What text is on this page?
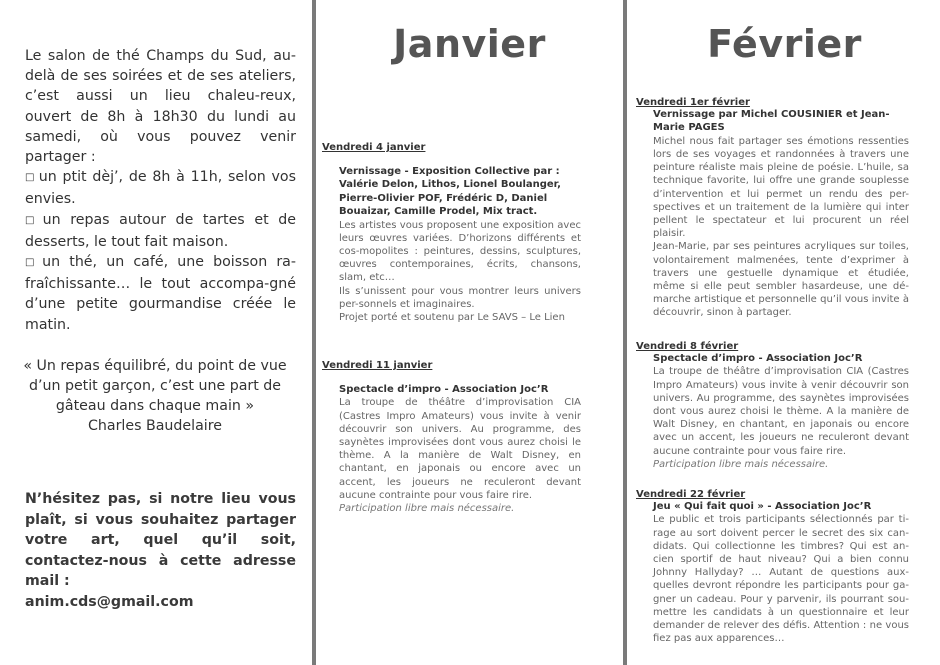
Le salon de thé Champs du Sud, au-delà de ses soirées et de ses ateliers, c’est aussi un lieu chaleu-reux, ouvert de 8h à 18h30 du lundi au samedi, où vous pouvez venir partager :

□ un ptit dèj’, de 8h à 11h, selon vos envies.

□ un repas autour de tartes et de desserts, le tout fait maison.

□ un thé, un café, une boisson ra-fraîchissante… le tout accompa-gné d’une petite gourmandise créée le matin.

« Un repas équilibré, du point de vue

d’un petit garçon, c’est une part de

gâteau dans chaque main »

Charles Baudelaire

N’hésitez pas, si notre lieu vous plaît, si vous souhaitez partager votre art, quel qu’il soit, contactez-nous à cette adresse mail :

anim.cds@gmail.com

Janvier

Vendredi 4 janvier

Vernissage - Exposition Collective par : Valérie Delon, Lithos, Lionel Boulanger, Pierre-Olivier POF, Frédéric D, Daniel Bouaizar, Camille Prodel, Mix tract.

Les artistes vous proposent une exposition avec leurs œuvres variées. D’horizons différents et cos-mopolites : peintures, dessins, sculptures, œuvres contemporaines, écrits, chansons, slam, etc…

Ils s’unissent pour vous montrer leurs univers per-sonnels et imaginaires.

Projet porté et soutenu par Le SAVS – Le Lien

Vendredi 11 janvier

Spectacle d’impro - Association Joc’R

La troupe de théâtre d’improvisation CIA (Castres Impro Amateurs) vous invite à venir découvrir son univers. Au programme, des saynètes improvisées dont vous aurez choisi le thème. A la manière de Walt Disney, en chantant, en japonais ou encore avec un accent, les joueurs ne reculeront devant aucune contrainte pour vous faire rire.

Participation libre mais nécessaire.

Février

Vendredi 1er février

Vernissage par Michel COUSINIER et Jean-Marie PAGES

Michel nous fait partager ses émotions ressenties lors de ses voyages et randonnées à travers une peinture réaliste mais pleine de poésie. L’huile, sa technique favorite, lui offre une grande souplesse d’intervention et lui permet un rendu des per-spectives et un traitement de la lumière qui inter pellent le spectateur et lui procurent un réel plaisir.

Jean-Marie, par ses peintures acryliques sur toiles, volontairement malmenées, tente d’exprimer à travers une gestuelle dynamique et étudiée, même si elle peut sembler hasardeuse, une dé-marche artistique et personnelle qu’il vous invite à découvrir, sinon à partager.

Vendredi 8 février

Spectacle d’impro - Association Joc’R

La troupe de théâtre d’improvisation CIA (Castres Impro Amateurs) vous invite à venir découvrir son univers. Au programme, des saynètes improvisées dont vous aurez choisi le thème. A la manière de Walt Disney, en chantant, en japonais ou encore avec un accent, les joueurs ne reculeront devant aucune contrainte pour vous faire rire.

Participation libre mais nécessaire.

Vendredi 22 février

Jeu « Qui fait quoi » - Association Joc’R

Le public et trois participants sélectionnés par ti-rage au sort doivent percer le secret des six can-didats. Qui collectionne les timbres? Qui est an-cien sportif de haut niveau? Qui a bien connu Johnny Hallyday? … Autant de questions aux-quelles devront répondre les participants pour ga-gner un cadeau. Pour y parvenir, ils pourrant sou-mettre les candidats à un questionnaire et leur demander de relever des défis. Attention : ne vous fiez pas aux apparences…
